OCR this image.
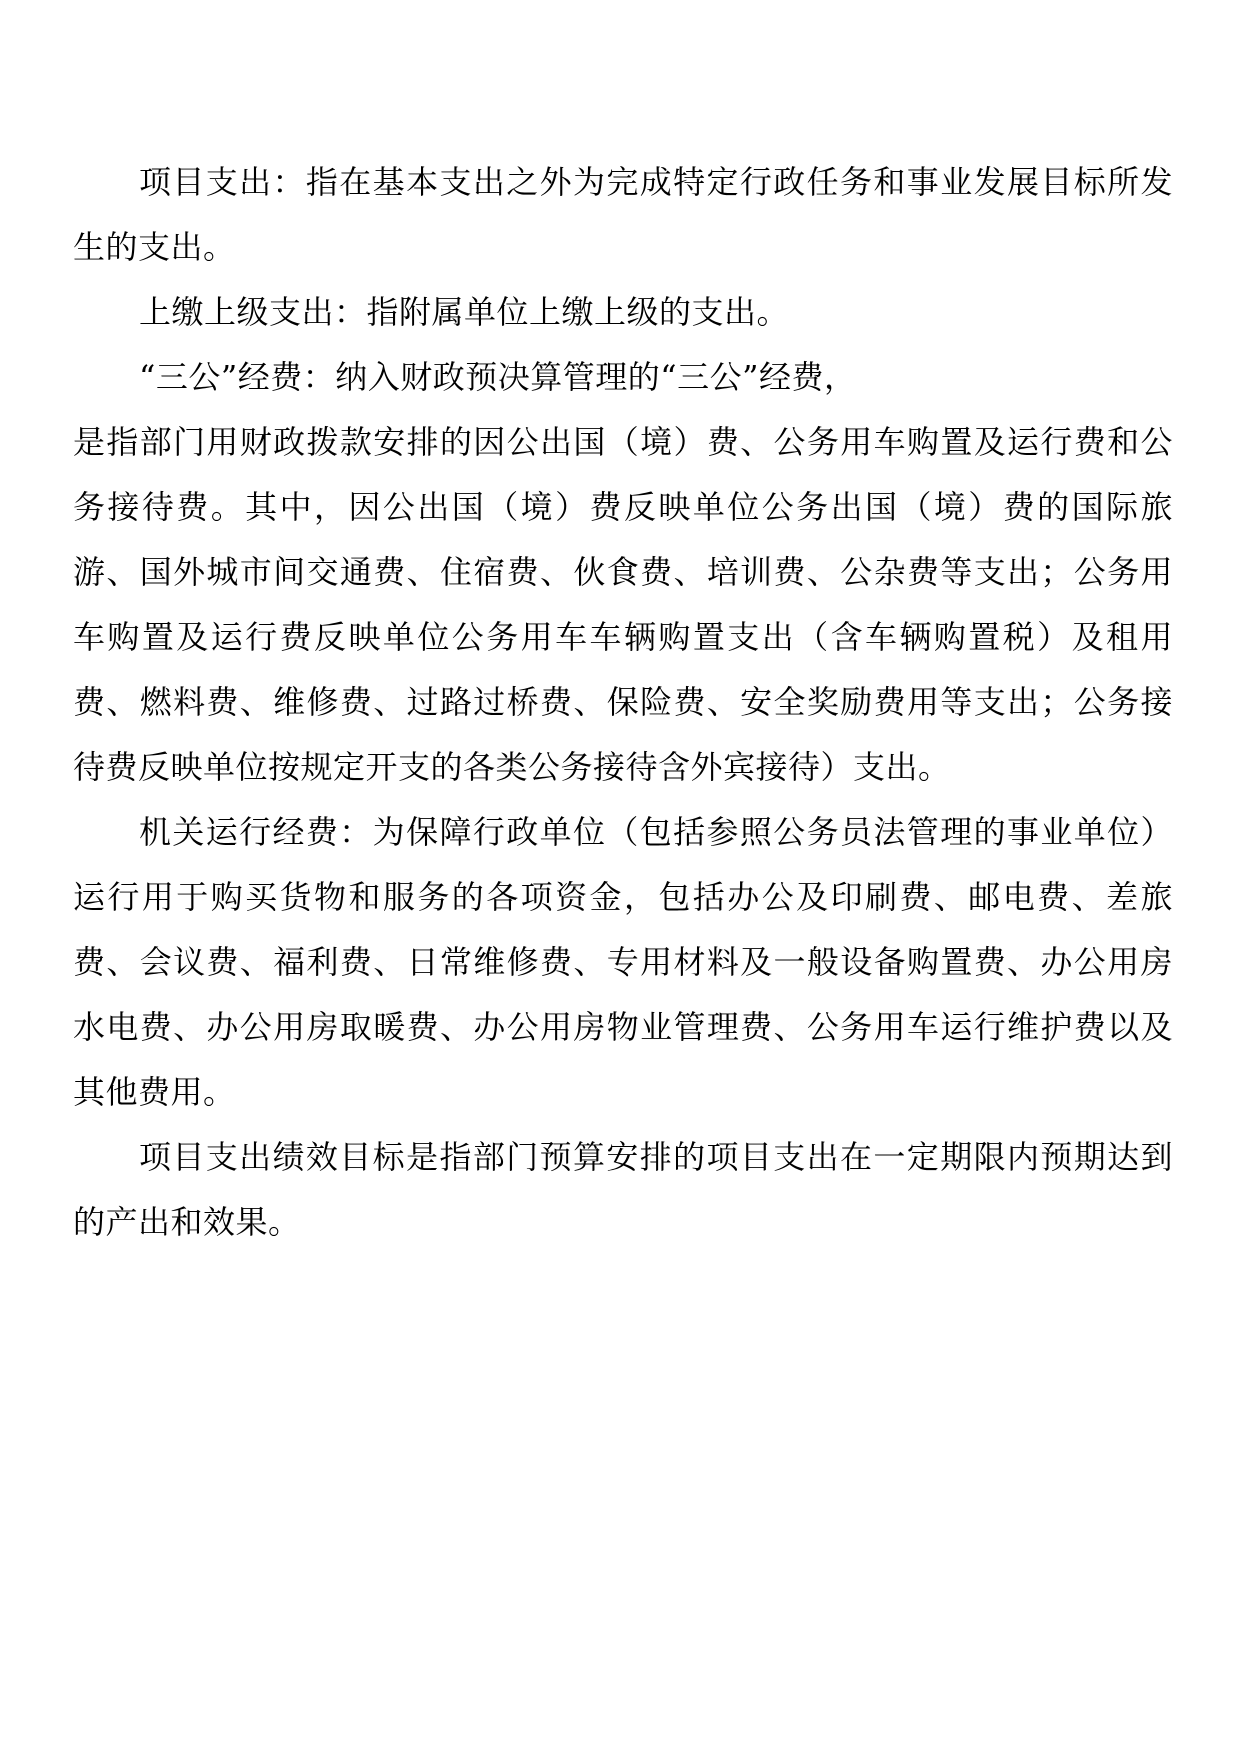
项目支出：指在基本支出之外为完成特定行政任务和事业发展目标所发生的支出。

上缴上级支出：指附属单位上缴上级的支出。

“三公”经费：纳入财政预决算管理的“三公”经费，

是指部门用财政拨款安排的因公出国（境）费、公务用车购置及运行费和公务接待费。其中，因公出国（境）费反映单位公务出国（境）费的国际旅游、国外城市间交通费、住宿费、伙食费、培训费、公杂费等支出；公务用车购置及运行费反映单位公务用车车辆购置支出（含车辆购置税）及租用费、燃料费、维修费、过路过桥费、保险费、安全奖励费用等支出；公务接待费反映单位按规定开支的各类公务接待含外宾接待）支出。

机关运行经费：为保障行政单位（包括参照公务员法管理的事业单位）运行用于购买货物和服务的各项资金，包括办公及印刷费、邮电费、差旅费、会议费、福利费、日常维修费、专用材料及一般设备购置费、办公用房水电费、办公用房取暖费、办公用房物业管理费、公务用车运行维护费以及其他费用。

项目支出绩效目标是指部门预算安排的项目支出在一定期限内预期达到的产出和效果。
